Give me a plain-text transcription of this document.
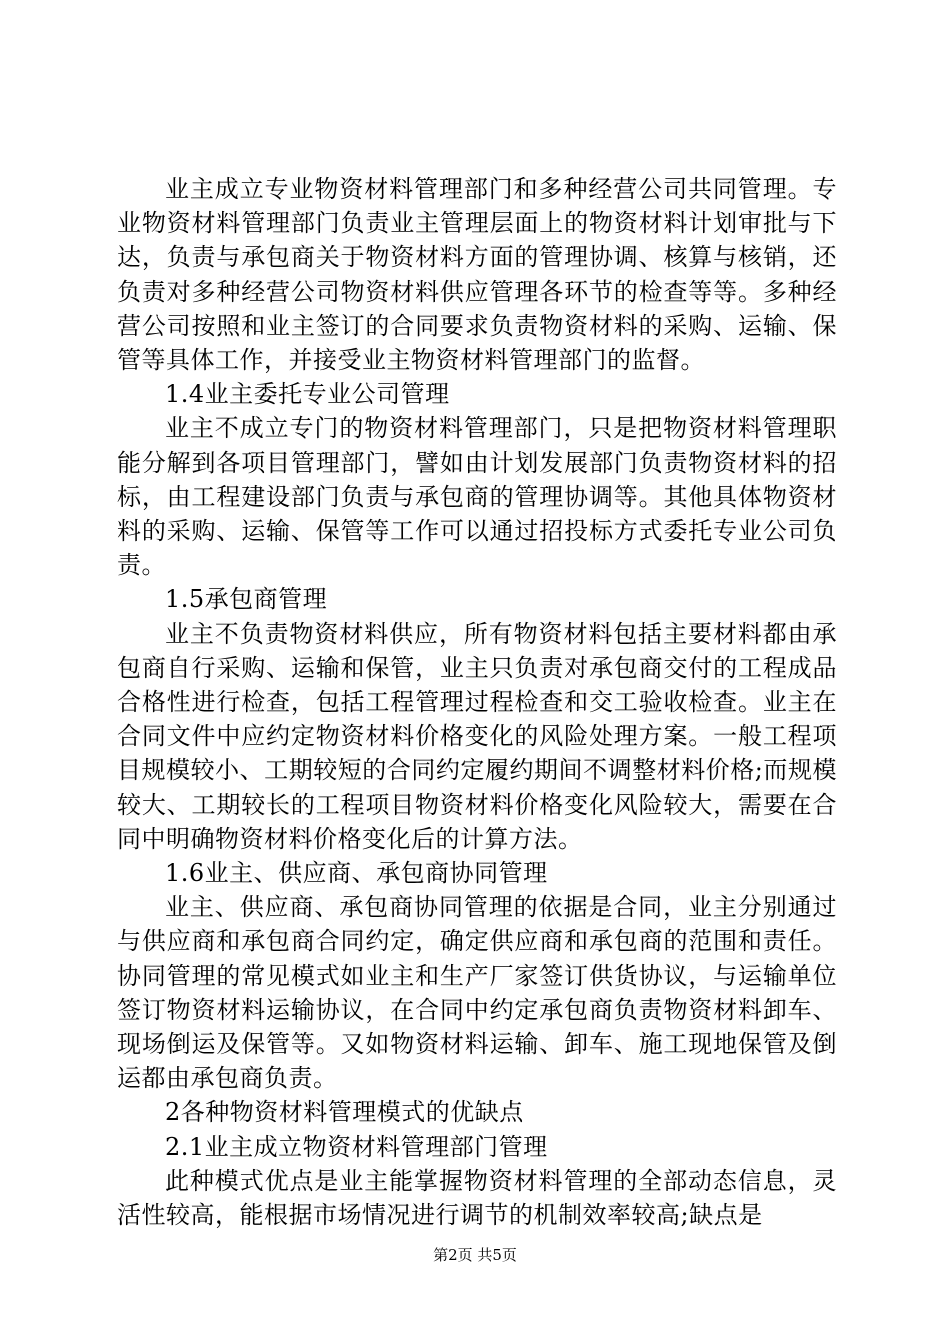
业主成立专业物资材料管理部门和多种经营公司共同管理。专业物资材料管理部门负责业主管理层面上的物资材料计划审批与下达，负责与承包商关于物资材料方面的管理协调、核算与核销，还负责对多种经营公司物资材料供应管理各环节的检查等等。多种经营公司按照和业主签订的合同要求负责物资材料的采购、运输、保管等具体工作，并接受业主物资材料管理部门的监督。

1.4业主委托专业公司管理

业主不成立专门的物资材料管理部门，只是把物资材料管理职能分解到各项目管理部门，譬如由计划发展部门负责物资材料的招标，由工程建设部门负责与承包商的管理协调等。其他具体物资材料的采购、运输、保管等工作可以通过招投标方式委托专业公司负责。

1.5承包商管理

业主不负责物资材料供应，所有物资材料包括主要材料都由承包商自行采购、运输和保管，业主只负责对承包商交付的工程成品合格性进行检查，包括工程管理过程检查和交工验收检查。业主在合同文件中应约定物资材料价格变化的风险处理方案。一般工程项目规模较小、工期较短的合同约定履约期间不调整材料价格;而规模较大、工期较长的工程项目物资材料价格变化风险较大，需要在合同中明确物资材料价格变化后的计算方法。

1.6业主、供应商、承包商协同管理

业主、供应商、承包商协同管理的依据是合同，业主分别通过与供应商和承包商合同约定，确定供应商和承包商的范围和责任。协同管理的常见模式如业主和生产厂家签订供货协议，与运输单位签订物资材料运输协议，在合同中约定承包商负责物资材料卸车、现场倒运及保管等。又如物资材料运输、卸车、施工现地保管及倒运都由承包商负责。

2各种物资材料管理模式的优缺点

2.1业主成立物资材料管理部门管理

此种模式优点是业主能掌握物资材料管理的全部动态信息，灵活性较高，能根据市场情况进行调节的机制效率较高;缺点是

第2页 共5页
